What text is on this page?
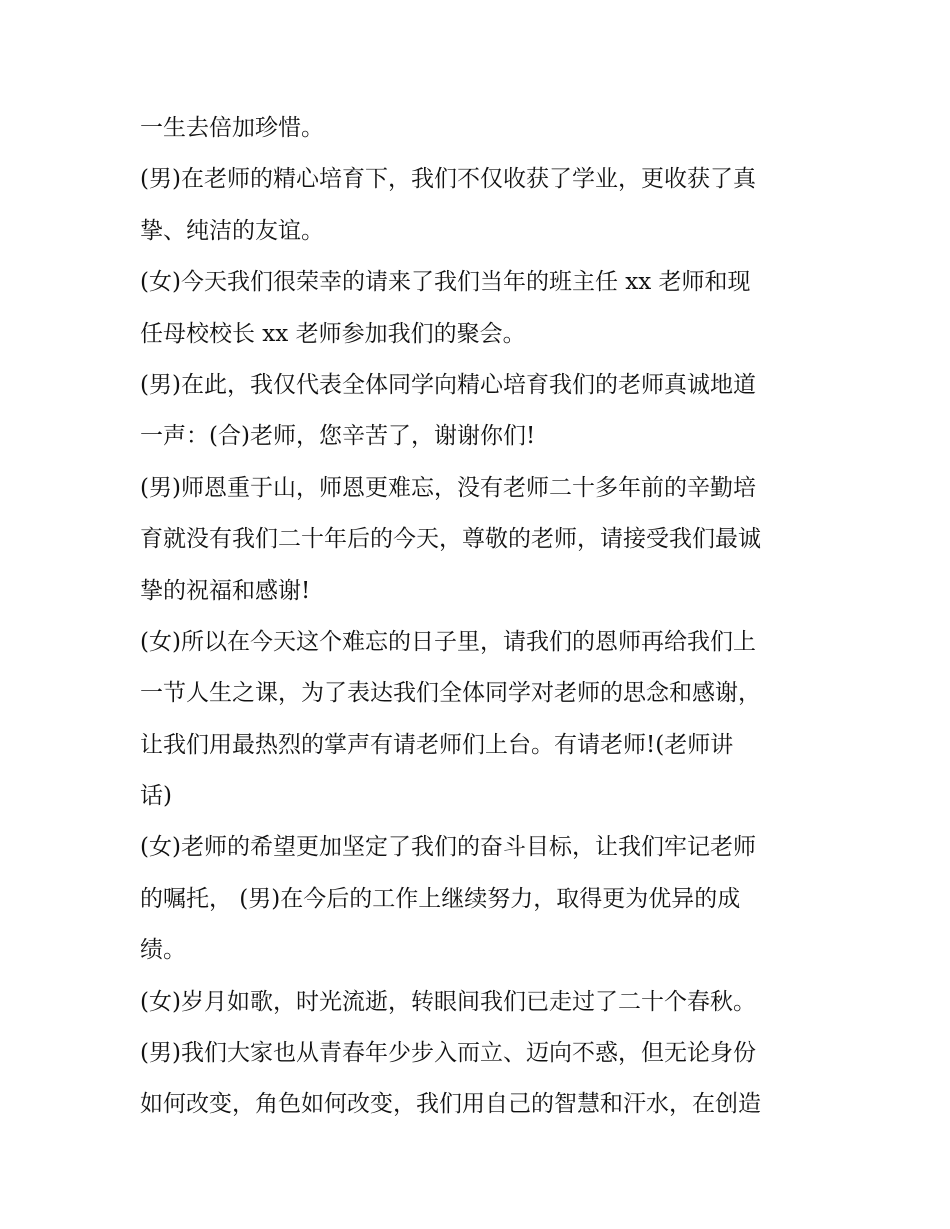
一生去倍加珍惜。
(男)在老师的精心培育下，我们不仅收获了学业，更收获了真
挚、纯洁的友谊。
(女)今天我们很荣幸的请来了我们当年的班主任 xx 老师和现
任母校校长 xx 老师参加我们的聚会。
(男)在此，我仅代表全体同学向精心培育我们的老师真诚地道
一声：(合)老师，您辛苦了，谢谢你们!
(男)师恩重于山，师恩更难忘，没有老师二十多年前的辛勤培
育就没有我们二十年后的今天，尊敬的老师，请接受我们最诚
挚的祝福和感谢!
(女)所以在今天这个难忘的日子里，请我们的恩师再给我们上
一节人生之课，为了表达我们全体同学对老师的思念和感谢，
让我们用最热烈的掌声有请老师们上台。有请老师!(老师讲
话)
(女)老师的希望更加坚定了我们的奋斗目标，让我们牢记老师
的嘱托， (男)在今后的工作上继续努力，取得更为优异的成
绩。
(女)岁月如歌，时光流逝，转眼间我们已走过了二十个春秋。
(男)我们大家也从青春年少步入而立、迈向不惑，但无论身份
如何改变，角色如何改变，我们用自己的智慧和汗水，在创造
